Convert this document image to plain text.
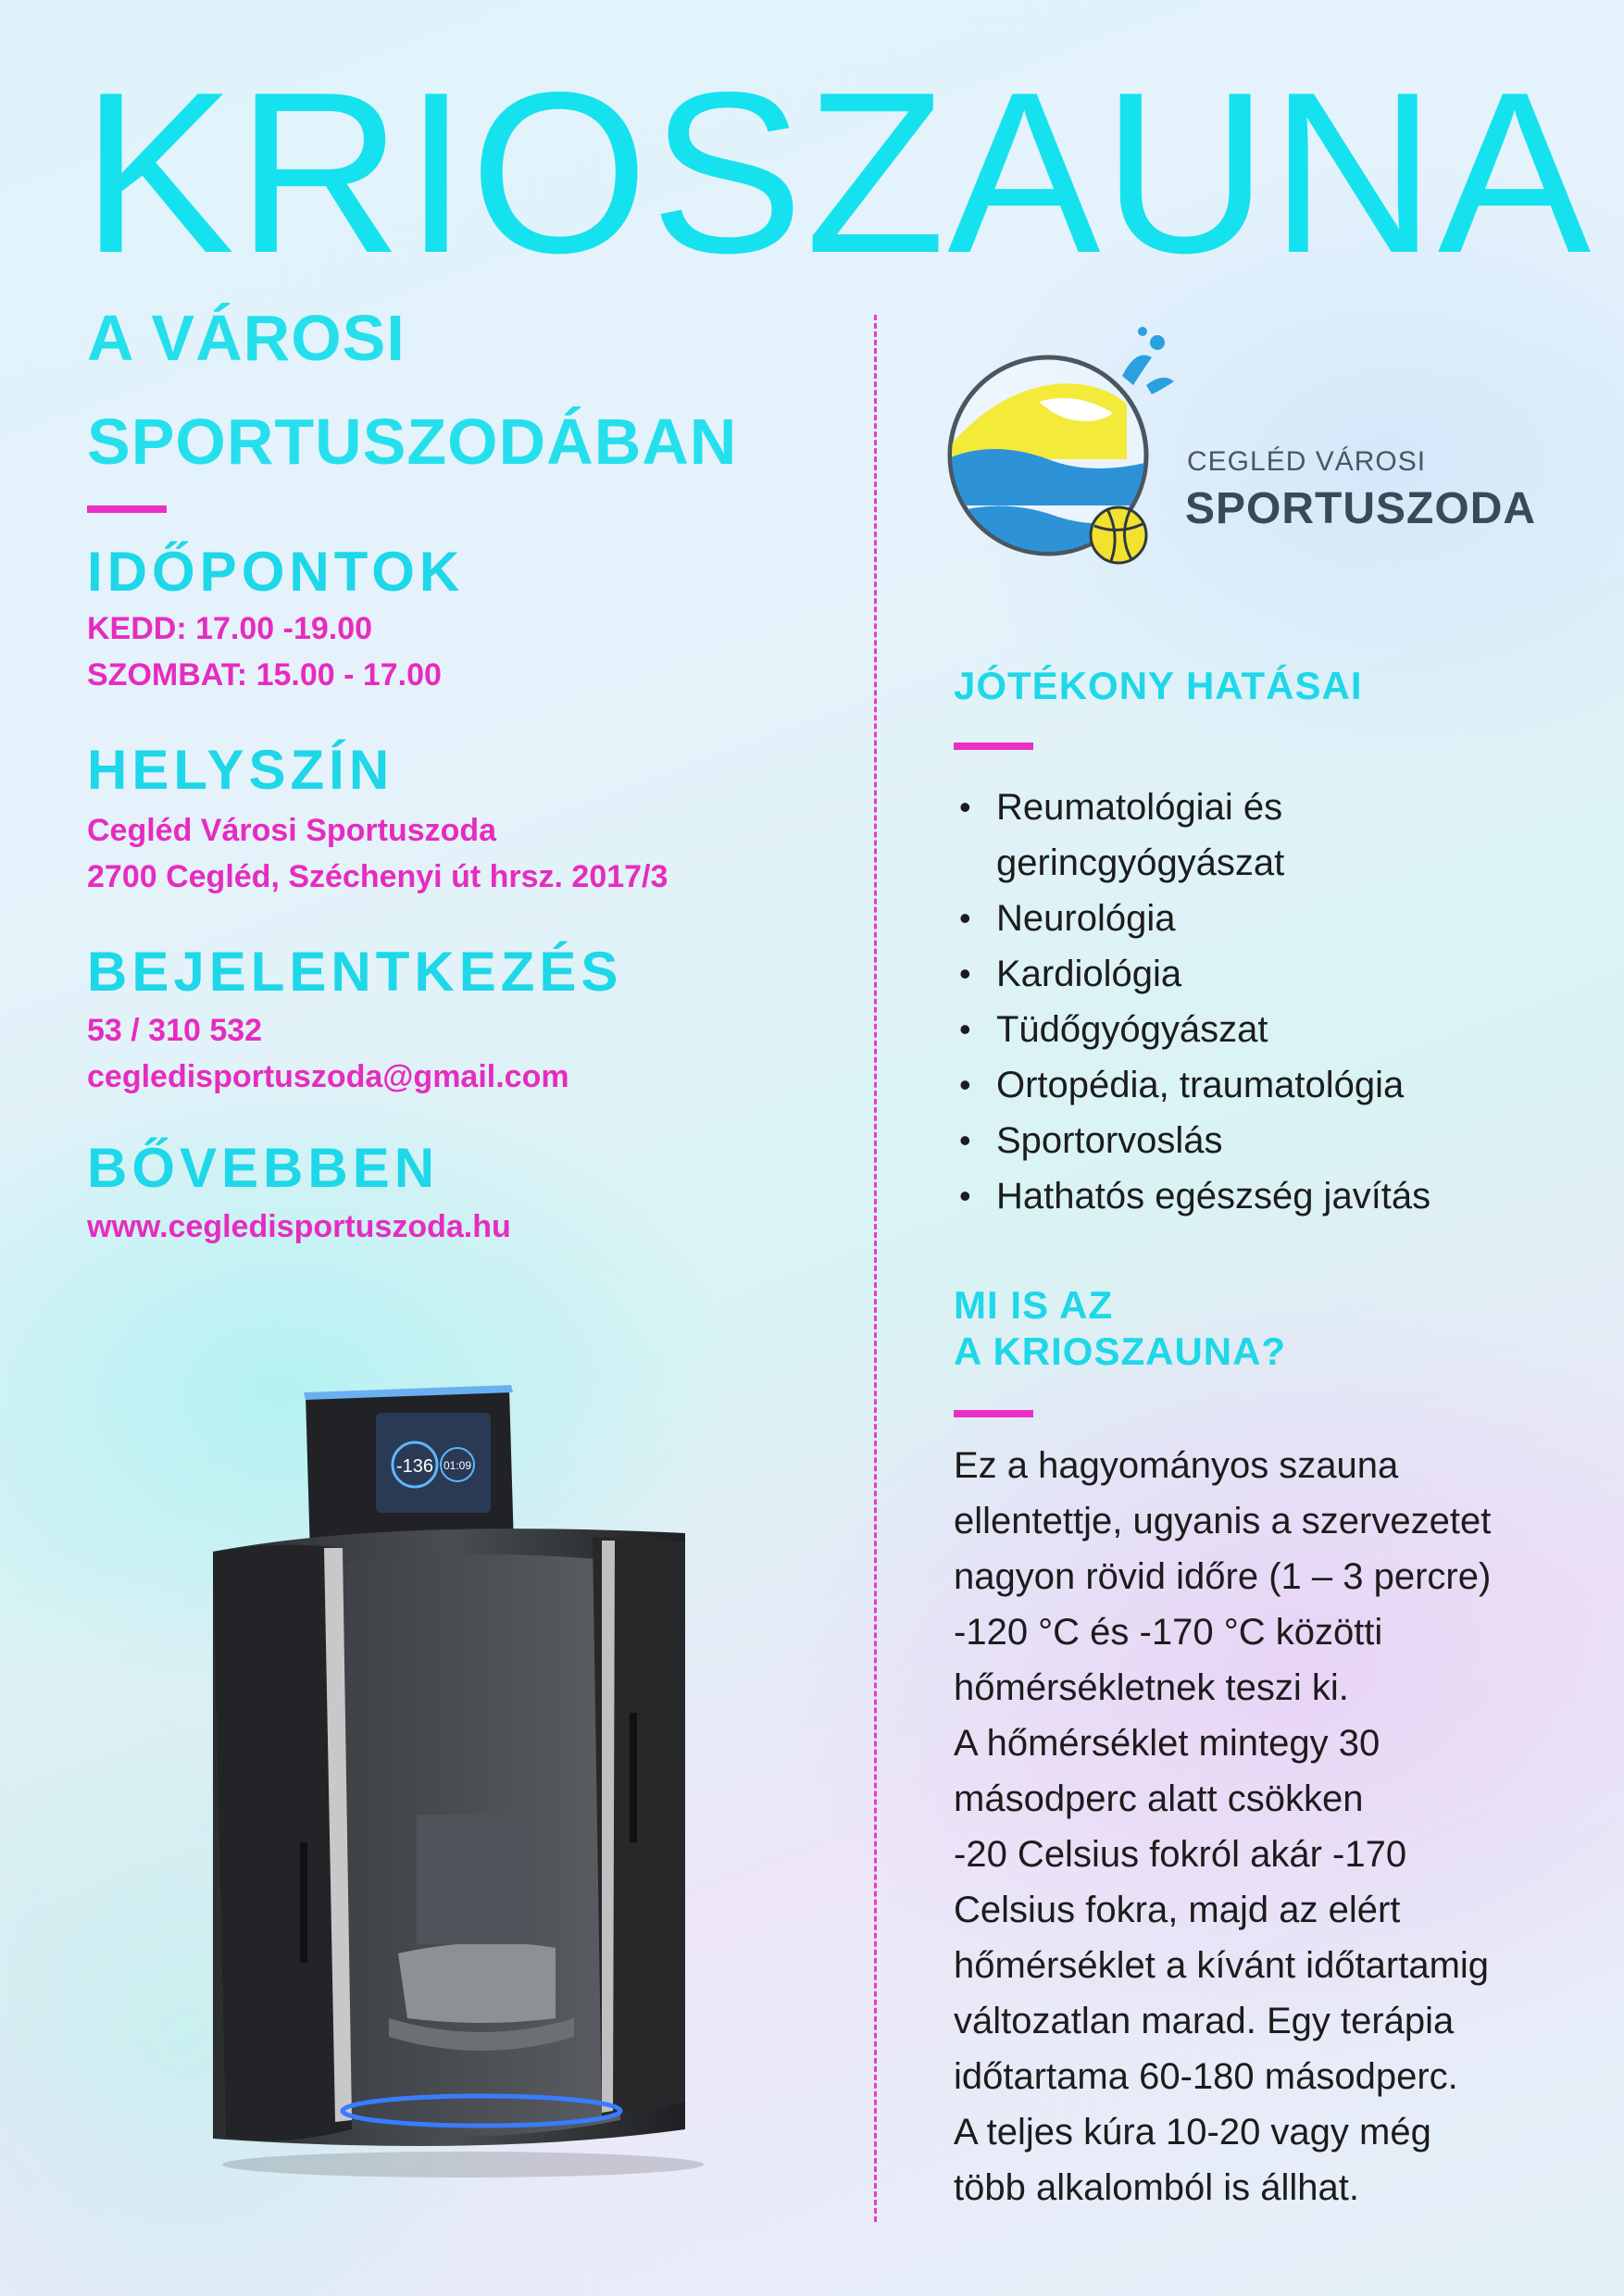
KRIOSZAUNA

A VÁROSI

SPORTUSZODÁBAN

IDŐPONTOK

KEDD: 17.00 -19.00

SZOMBAT: 15.00 - 17.00

HELYSZÍN

Cegléd Városi Sportuszoda

2700 Cegléd, Széchenyi út hrsz. 2017/3

BEJELENTKEZÉS

53 / 310 532

cegledisportuszoda@gmail.com

BŐVEBBEN

www.cegledisportuszoda.hu

CEGLÉD VÁROSI
SPORTUSZODA

JÓTÉKONY HATÁSAI

• Reumatológiai és
gerincgyógyászat
• Neurológia
• Kardiológia
• Tüdőgyógyászat
• Ortopédia, traumatológia
• Sportorvoslás
• Hathatós egészség javítás

MI IS AZ

A KRIOSZAUNA?

Ez a hagyományos szauna

ellentettje, ugyanis a szervezetet

nagyon rövid időre (1 – 3 percre)

-120 °C és -170 °C közötti

hőmérsékletnek teszi ki.

A hőmérséklet mintegy 30

másodperc alatt csökken

-20 Celsius fokról akár -170

Celsius fokra, majd az elért

hőmérséklet a kívánt időtartamig

változatlan marad. Egy terápia

időtartama 60-180 másodperc.

A teljes kúra 10-20 vagy még

több alkalomból is állhat.

-136 01:09
